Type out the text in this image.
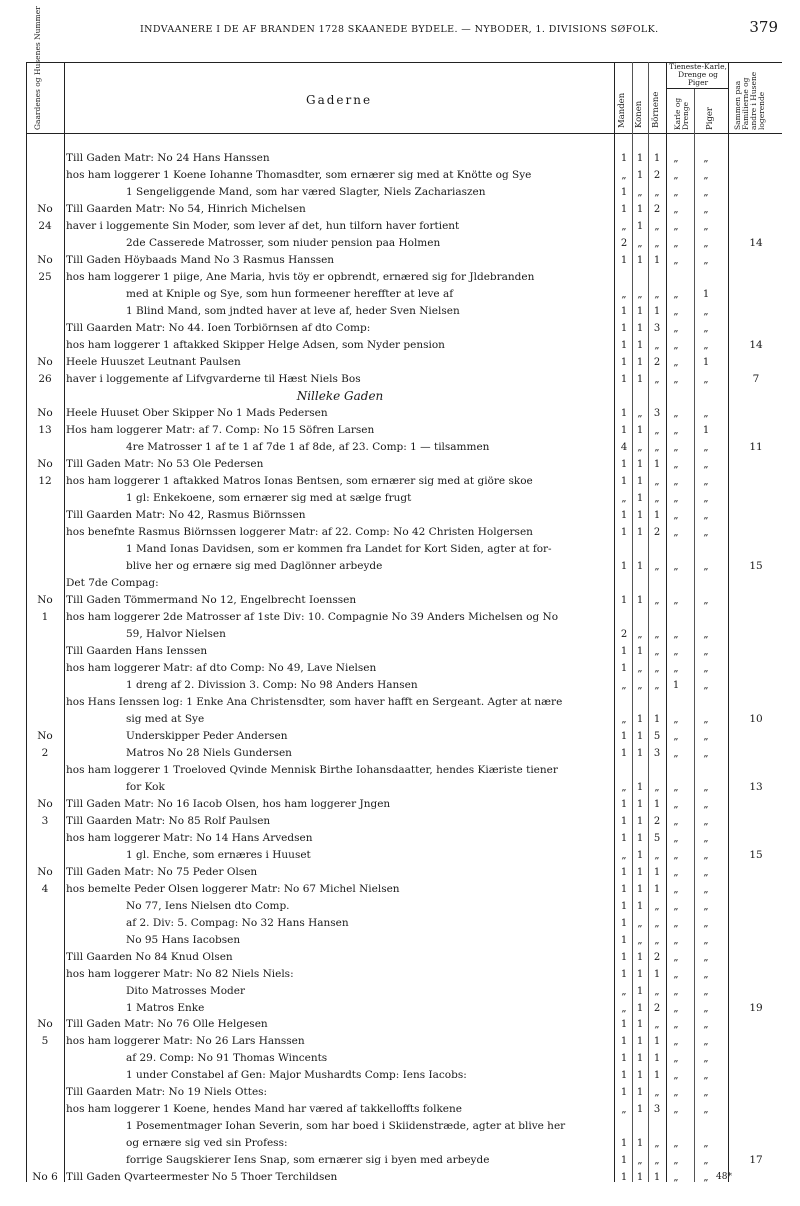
INDVAANERE I DE AF BRANDEN 1728 SKAANEDE BYDELE. — NYBODER, 1. DIVISIONS SØFOLK.	379
Gaardenes og Husenes Nummer	Gaderne	Manden Konen Börnene
Tieneste-Karle, Drenge og Piger
Karle og Drenge Piger Sammen paa Familierne og andre i Husene logerende
Till Gaden Matr: No 24 Hans Hanssen	1 1	1	„	„
hos ham loggerer 1 Koene Iohanne Thomasdter, som ernærer sig med at Knötte og Sye	„	1	2	„	„
1 Sengeliggende Mand, som har væred Slagter, Niels Zachariaszen	1	„	„	„	„
No	Till Gaarden Matr: No 54, Hinrich Michelsen	1 1	2	„	„
24	haver i loggemente Sin Moder, som lever af det, hun tilforn haver fortient	„	1	„	„	„
2de Casserede Matrosser, som niuder pension paa Holmen	2	„	„	„	„	14
No	Till Gaden Höybaads Mand No 3 Rasmus Hanssen	1 1	1	„	„
25	hos ham loggerer 1 piige, Ane Maria, hvis töy er opbrendt, ernæred sig for Jldebranden
med at Kniple og Sye, som hun formeener hereffter at leve af	„	„	„	„	1
1 Blind Mand, som jndted haver at leve af, heder Sven Nielsen	1 1	1	„	„
Till Gaarden Matr: No 44. Ioen Torbiörnsen af dto Comp:	1 1	3	„	„
hos ham loggerer 1 aftakked Skipper Helge Adsen, som Nyder pension	1 1	„	„	„	14
No	Heele Huuszet Leutnant Paulsen	1 1	2	„	1
26	haver i loggemente af Lifvgvarderne til Hæst Niels Bos	1 1	„	„	„	7
Nilleke Gaden
No	Heele Huuset Ober Skipper No 1 Mads Pedersen	1	„	3	„	„
13	Hos ham loggerer Matr: af 7. Comp: No 15 Söfren Larsen	1 1	„	„	1
4re Matrosser 1 af te 1 af 7de 1 af 8de, af 23. Comp: 1 — tilsammen	4	„	„	„	„	11
No	Till Gaden Matr: No 53 Ole Pedersen	1 1	1	„	„
12	hos ham loggerer 1 aftakked Matros Ionas Bentsen, som ernærer sig med at giöre skoe	1 1	„	„	„
1 gl: Enkekoene, som ernærer sig med at sælge frugt	„	1	„	„	„
Till Gaarden Matr: No 42, Rasmus Biörnssen	1 1	1	„	„
hos benefnte Rasmus Biörnssen loggerer Matr: af 22. Comp: No 42 Christen Holgersen	1 1	2	„	„
1 Mand Ionas Davidsen, som er kommen fra Landet for Kort Siden, agter at for-
blive her og ernære sig med Daglönner arbeyde	1 1	„	„	„	15
Det 7de Compag:
No	Till Gaden Tömmermand No 12, Engelbrecht Ioenssen	1 1	„	„	„
1	hos ham loggerer 2de Matrosser af 1ste Div: 10. Compagnie No 39 Anders Michelsen og No
59, Halvor Nielsen	2	„	„	„	„
Till Gaarden Hans Ienssen	1 1	„	„	„
hos ham loggerer Matr: af dto Comp: No 49, Lave Nielsen	1	„	„	„	„
1 dreng af 2. Divission 3. Comp: No 98 Anders Hansen	„	„	„	1	„
hos Hans Ienssen log: 1 Enke Ana Christensdter, som haver hafft en Sergeant. Agter at nære
sig med at Sye	„	1	1	„	„	10
No	Underskipper Peder Andersen	1 1	5	„	„
2	Matros No 28 Niels Gundersen	1 1	3	„	„
hos ham loggerer 1 Troeloved Qvinde Mennisk Birthe Iohansdaatter, hendes Kiæriste tiener
for Kok	„	1	„	„	„	13
No	Till Gaden Matr: No 16 Iacob Olsen, hos ham loggerer Jngen	1 1	1	„	„
3	Till Gaarden Matr: No 85 Rolf Paulsen	1 1	2	„	„
hos ham loggerer Matr: No 14 Hans Arvedsen	1 1	5	„	„
1 gl. Enche, som ernæres i Huuset	„	1	„	„	„	15
No	Till Gaden Matr: No 75 Peder Olsen	1 1	1	„	„
4	hos bemelte Peder Olsen loggerer Matr: No 67 Michel Nielsen	1 1	1	„	„
No 77, Iens Nielsen dto Comp.	1 1	„	„	„
af 2. Div: 5. Compag: No 32 Hans Hansen	1	„	„	„	„
No 95 Hans Iacobsen	1	„	„	„	„
Till Gaarden No 84 Knud Olsen	1 1	2	„	„
hos ham loggerer Matr: No 82 Niels Niels:	1 1	1	„	„
Dito Matrosses Moder	„	1	„	„	„
1 Matros Enke	„	1	2	„	„	19
No	Till Gaden Matr: No 76 Olle Helgesen	1 1	„	„	„
5	hos ham loggerer Matr: No 26 Lars Hanssen	1 1	1	„	„
af 29. Comp: No 91 Thomas Wincents	1 1	1	„	„
1 under Constabel af Gen: Major Mushardts Comp: Iens Iacobs:	1 1	1	„	„
Till Gaarden Matr: No 19 Niels Ottes:	1 1	„	„	„
hos ham loggerer 1 Koene, hendes Mand har væred af takkelloffts folkene	„	1	3	„	„
1 Posementmager Iohan Severin, som har boed i Skiidenstræde, agter at blive her
og ernære sig ved sin Profess:	1 1	„	„	„
forrige Saugskierer Iens Snap, som ernærer sig i byen med arbeyde	1	„	„	„	„	17
No 6 Till Gaden Qvarteermester No 5 Thoer Terchildsen	1 1	1	„	„ 48*
